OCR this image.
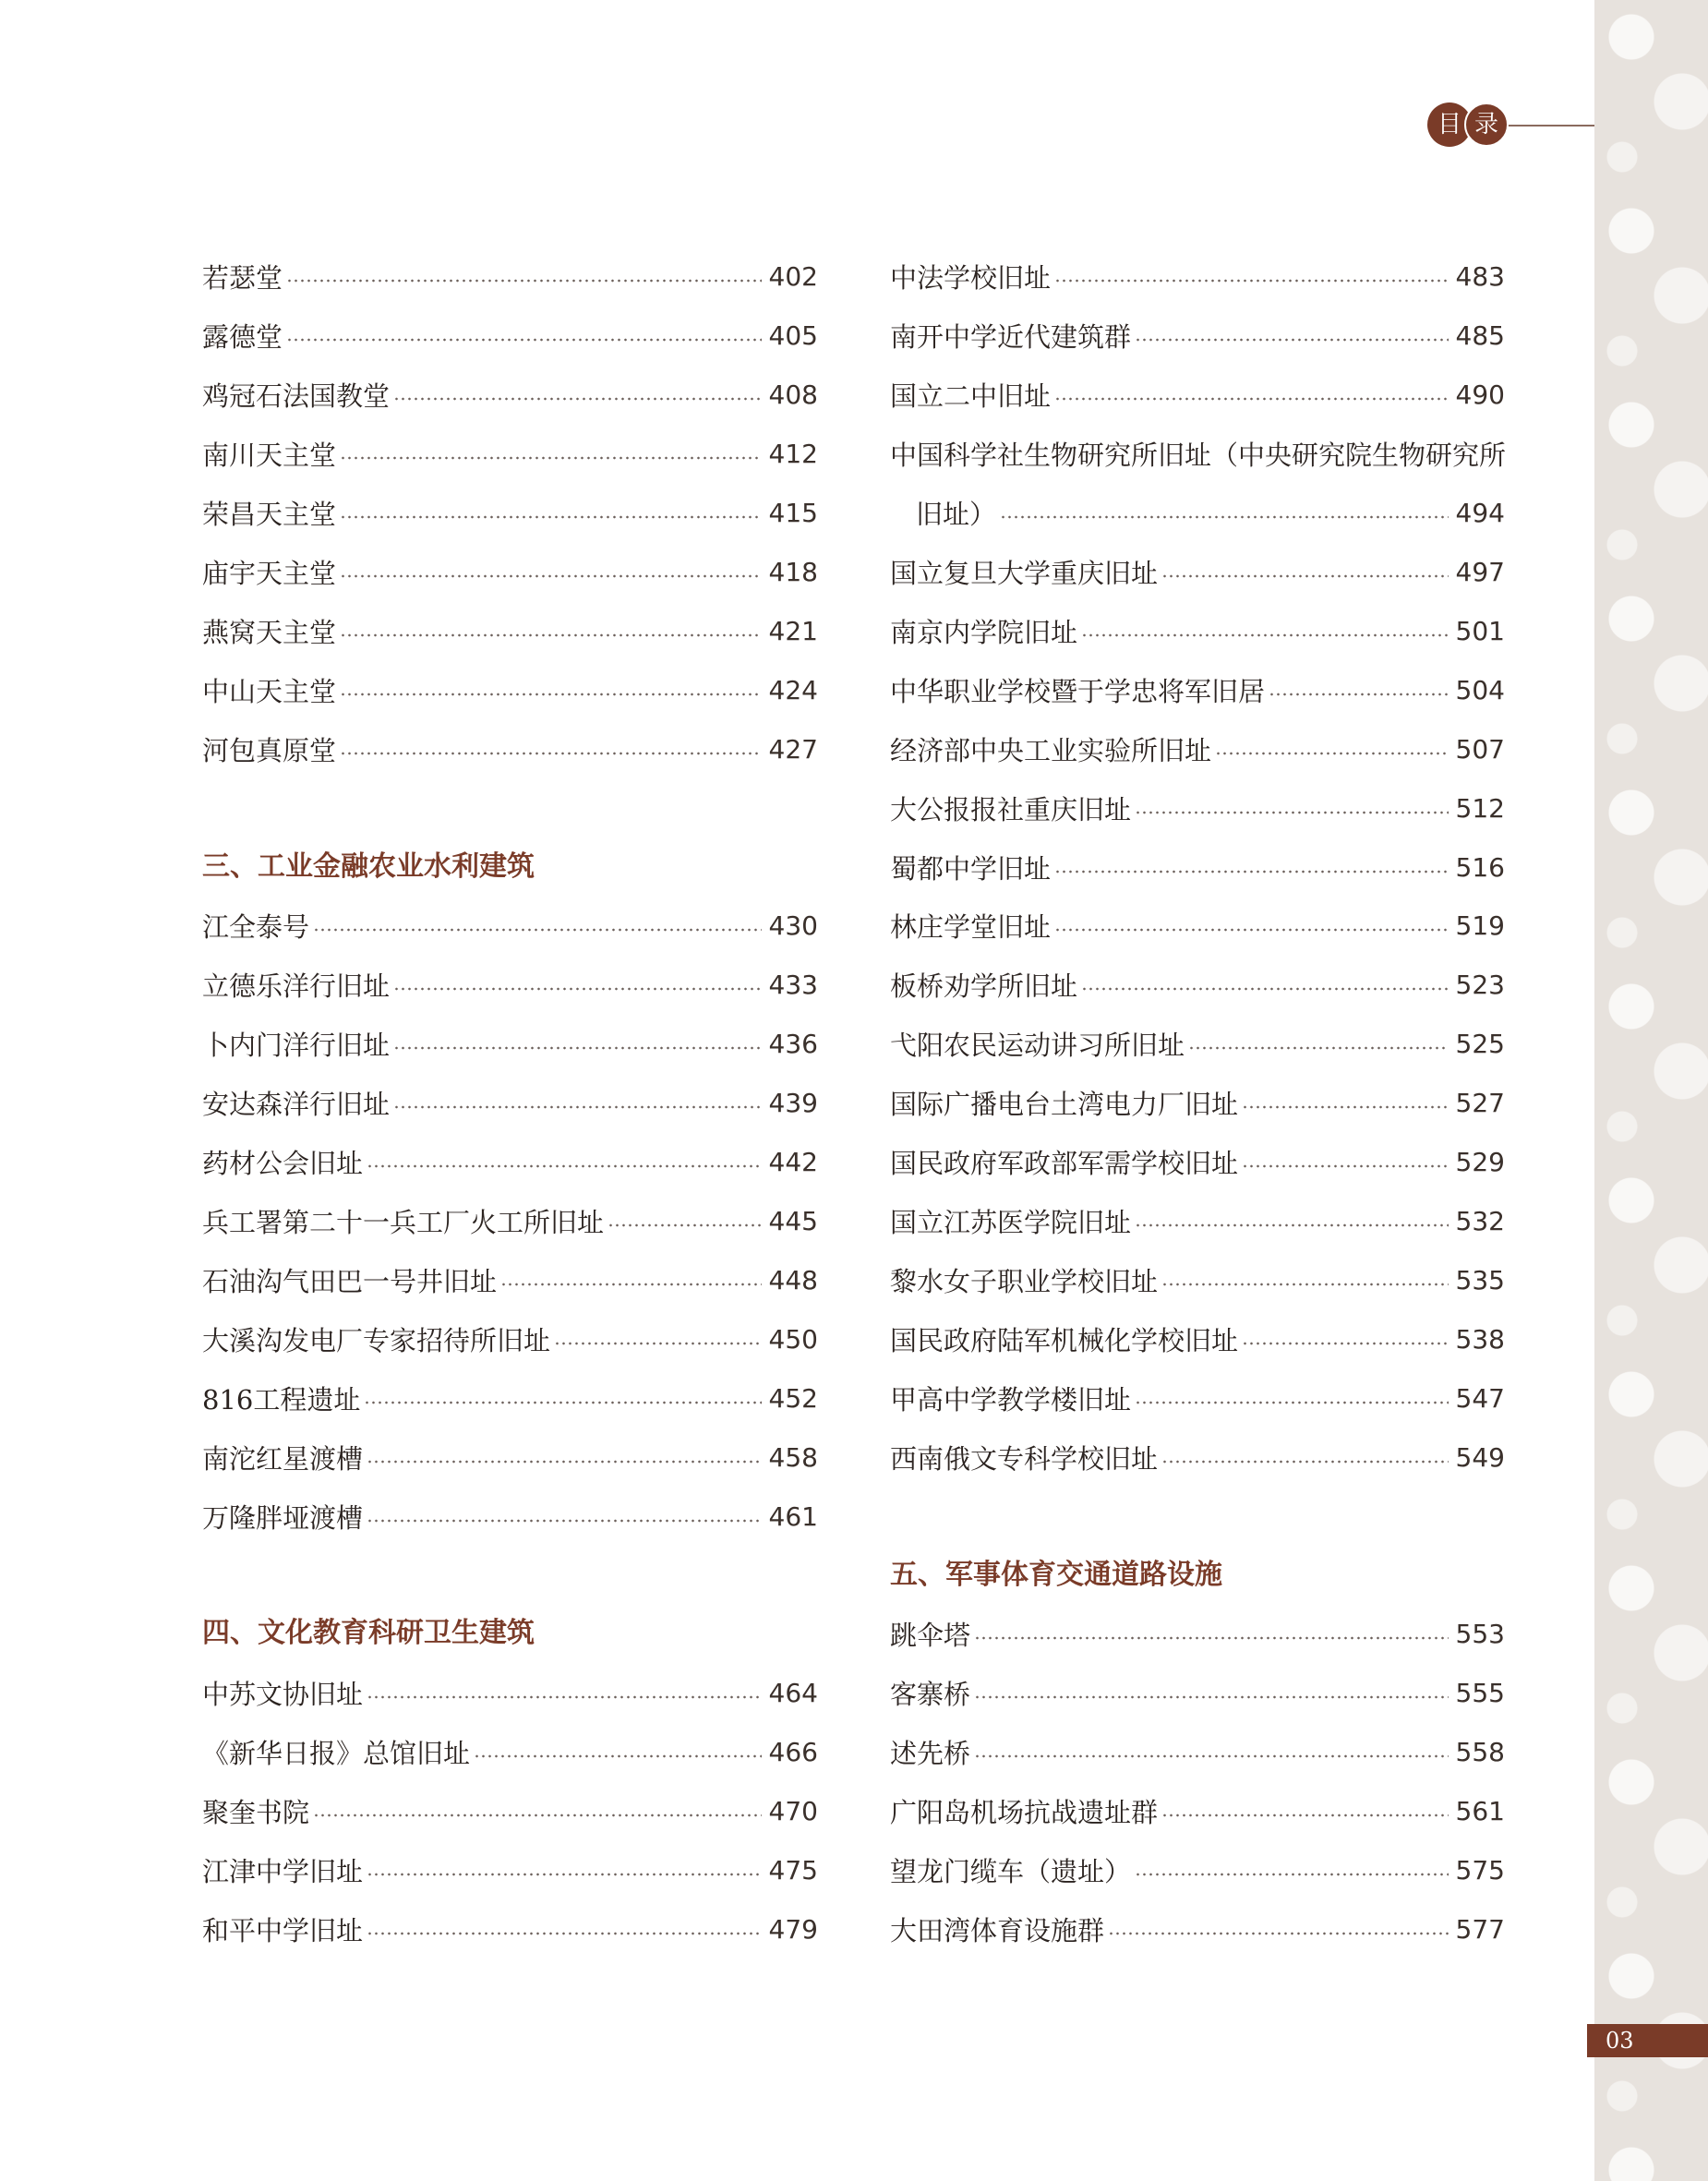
目 录
若瑟堂	402
露德堂	405
鸡冠石法国教堂	408
南川天主堂	412
荣昌天主堂	415
庙宇天主堂	418
燕窝天主堂	421
中山天主堂	424
河包真原堂	427
三、工业金融农业水利建筑
江全泰号	430
立德乐洋行旧址	433
卜内门洋行旧址	436
安达森洋行旧址	439
药材公会旧址	442
兵工署第二十一兵工厂火工所旧址	445
石油沟气田巴一号井旧址	448
大溪沟发电厂专家招待所旧址	450
816工程遗址	452
南沱红星渡槽	458
万隆胖垭渡槽	461
四、文化教育科研卫生建筑
中苏文协旧址	464
《新华日报》总馆旧址	466
聚奎书院	470
江津中学旧址	475
和平中学旧址	479
中法学校旧址	483
南开中学近代建筑群	485
国立二中旧址	490
中国科学社生物研究所旧址（中央研究院生物研究所
旧址）	494
国立复旦大学重庆旧址	497
南京内学院旧址	501
中华职业学校暨于学忠将军旧居	504
经济部中央工业实验所旧址	507
大公报报社重庆旧址	512
蜀都中学旧址	516
林庄学堂旧址	519
板桥劝学所旧址	523
弋阳农民运动讲习所旧址	525
国际广播电台土湾电力厂旧址	527
国民政府军政部军需学校旧址	529
国立江苏医学院旧址	532
黎水女子职业学校旧址	535
国民政府陆军机械化学校旧址	538
甲高中学教学楼旧址	547
西南俄文专科学校旧址	549
五、军事体育交通道路设施
跳伞塔	553
客寨桥	555
述先桥	558
广阳岛机场抗战遗址群	561
望龙门缆车（遗址）	575
大田湾体育设施群	577
03
